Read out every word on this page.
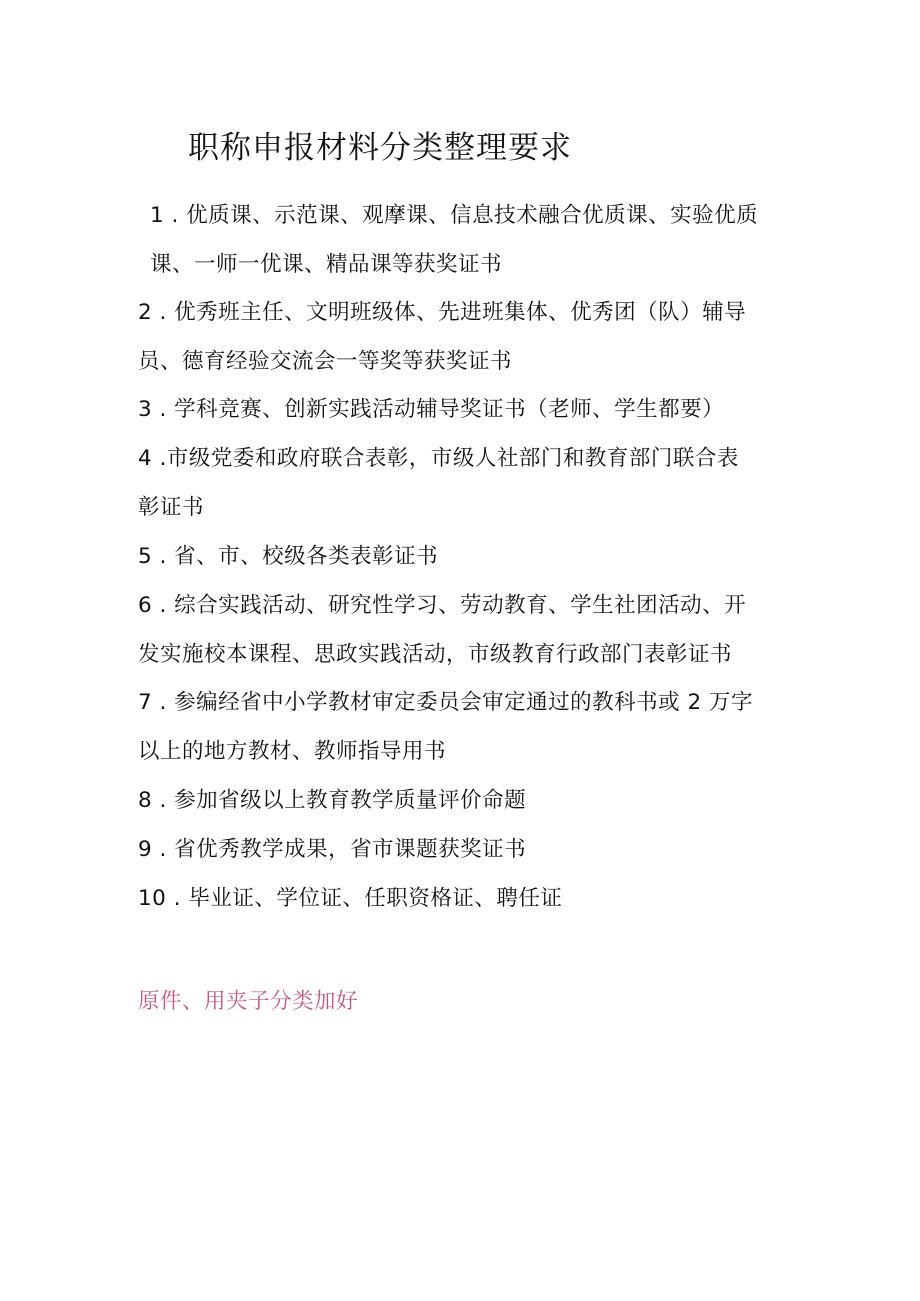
职称申报材料分类整理要求
1 . 优质课、示范课、观摩课、信息技术融合优质课、实验优质
课、一师一优课、精品课等获奖证书
2 . 优秀班主任、文明班级体、先进班集体、优秀团（队）辅导
员、德育经验交流会一等奖等获奖证书
3 . 学科竞赛、创新实践活动辅导奖证书（老师、学生都要）
4 .市级党委和政府联合表彰，市级人社部门和教育部门联合表
彰证书
5 . 省、市、校级各类表彰证书
6 . 综合实践活动、研究性学习、劳动教育、学生社团活动、开
发实施校本课程、思政实践活动，市级教育行政部门表彰证书
7 . 参编经省中小学教材审定委员会审定通过的教科书或 2 万字
以上的地方教材、教师指导用书
8 . 参加省级以上教育教学质量评价命题
9 . 省优秀教学成果，省市课题获奖证书
10 . 毕业证、学位证、任职资格证、聘任证
原件、用夹子分类加好
